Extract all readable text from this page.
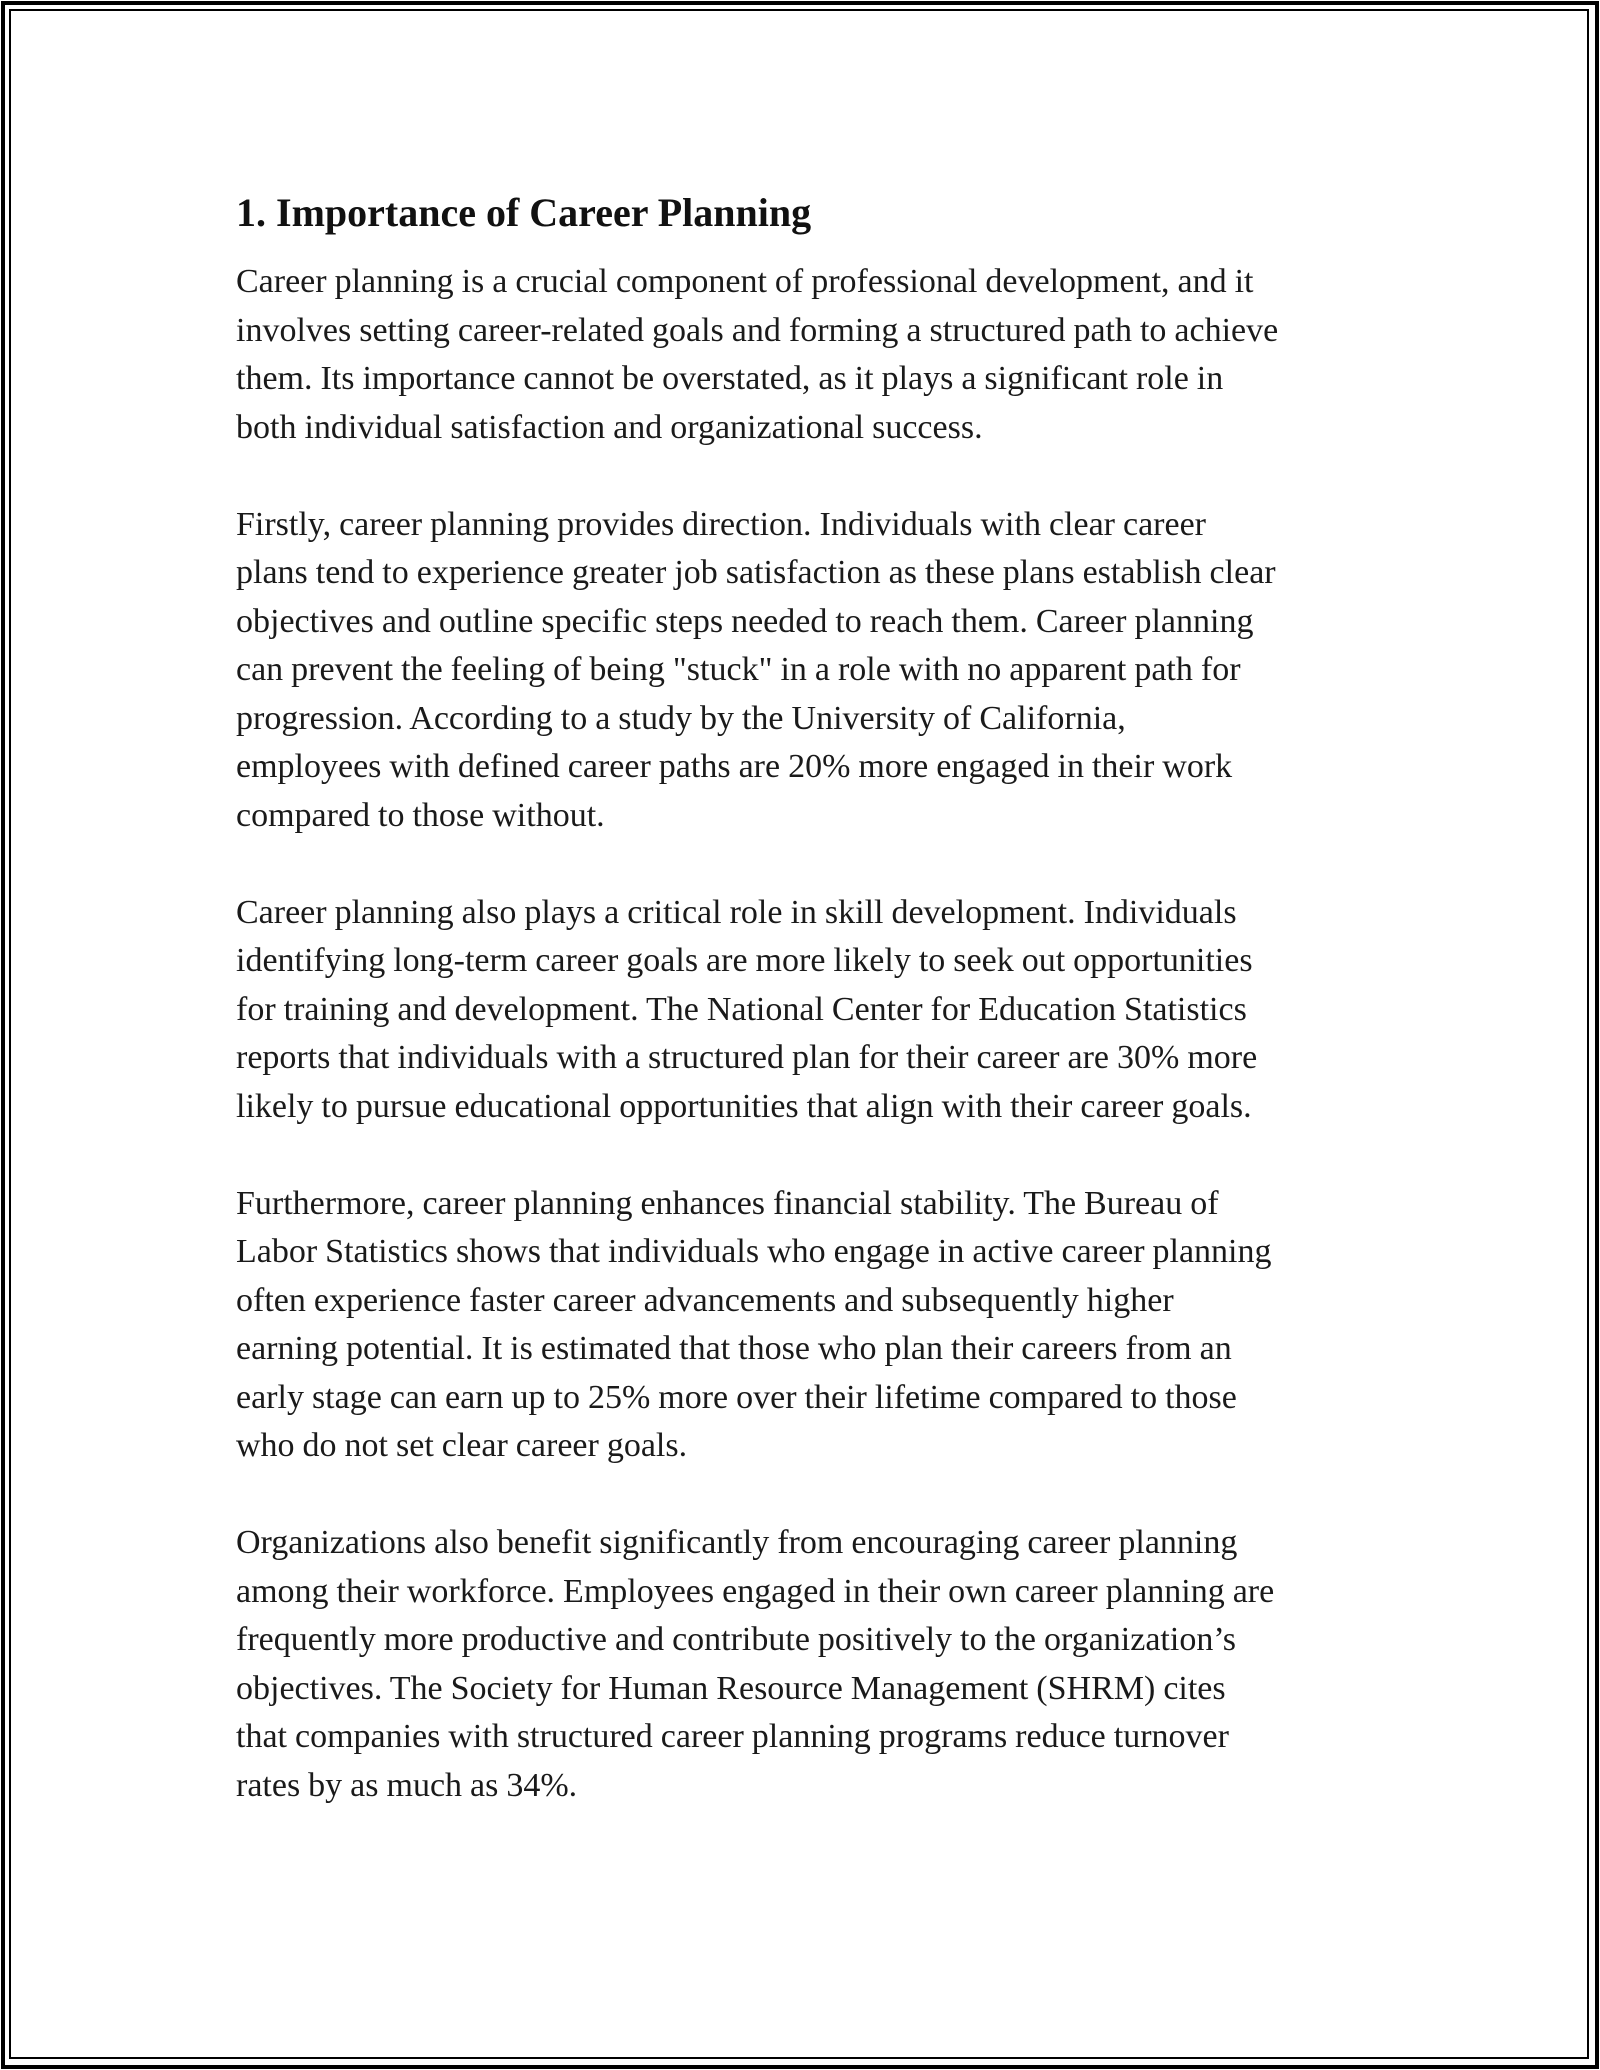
1. Importance of Career Planning

Career planning is a crucial component of professional development, and it
involves setting career-related goals and forming a structured path to achieve
them. Its importance cannot be overstated, as it plays a significant role in
both individual satisfaction and organizational success.

Firstly, career planning provides direction. Individuals with clear career
plans tend to experience greater job satisfaction as these plans establish clear
objectives and outline specific steps needed to reach them. Career planning
can prevent the feeling of being "stuck" in a role with no apparent path for
progression. According to a study by the University of California,
employees with defined career paths are 20% more engaged in their work
compared to those without.

Career planning also plays a critical role in skill development. Individuals
identifying long-term career goals are more likely to seek out opportunities
for training and development. The National Center for Education Statistics
reports that individuals with a structured plan for their career are 30% more
likely to pursue educational opportunities that align with their career goals.

Furthermore, career planning enhances financial stability. The Bureau of
Labor Statistics shows that individuals who engage in active career planning
often experience faster career advancements and subsequently higher
earning potential. It is estimated that those who plan their careers from an
early stage can earn up to 25% more over their lifetime compared to those
who do not set clear career goals.

Organizations also benefit significantly from encouraging career planning
among their workforce. Employees engaged in their own career planning are
frequently more productive and contribute positively to the organization’s
objectives. The Society for Human Resource Management (SHRM) cites
that companies with structured career planning programs reduce turnover
rates by as much as 34%.
